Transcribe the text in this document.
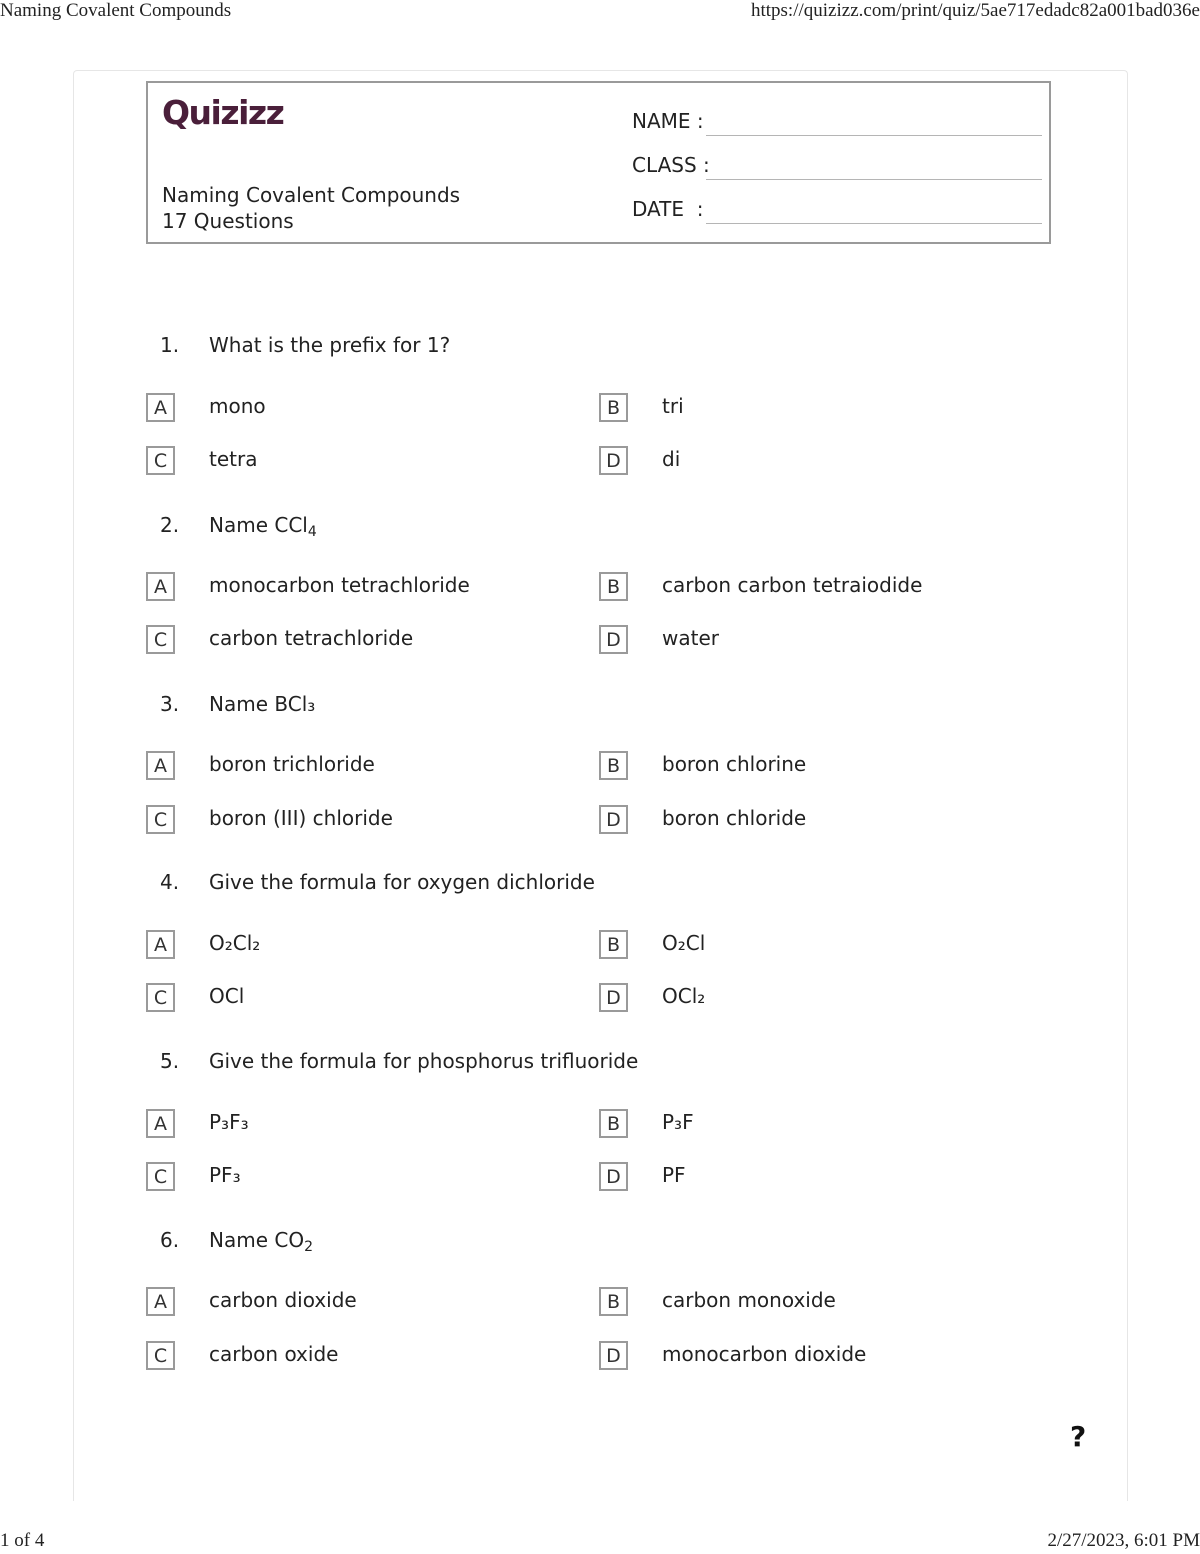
Naming Covalent Compounds	https://quizizz.com/print/quiz/5ae717edadc82a001bad036e
Quizizz
Naming Covalent Compounds
17 Questions
NAME :
CLASS :
DATE  :
1. What is the prefix for 1?
A	mono	B	tri
C	tetra	D	di
2. Name CCl$_4$
A	monocarbon tetrachloride	B	carbon carbon tetraiodide
C	carbon tetrachloride	D	water
3. Name BCl₃
A	boron trichloride	B	boron chlorine
C	boron (III) chloride	D	boron chloride
4. Give the formula for oxygen dichloride
A	O₂Cl₂	B	O₂Cl
C	OCl	D	OCl₂
5. Give the formula for phosphorus trifluoride
A	P₃F₃	B	P₃F
C	PF₃	D	PF
6. Name $CO_2$
A	carbon dioxide	B	carbon monoxide
C	carbon oxide	D	monocarbon dioxide
?
1 of 4	2/27/2023, 6:01 PM
